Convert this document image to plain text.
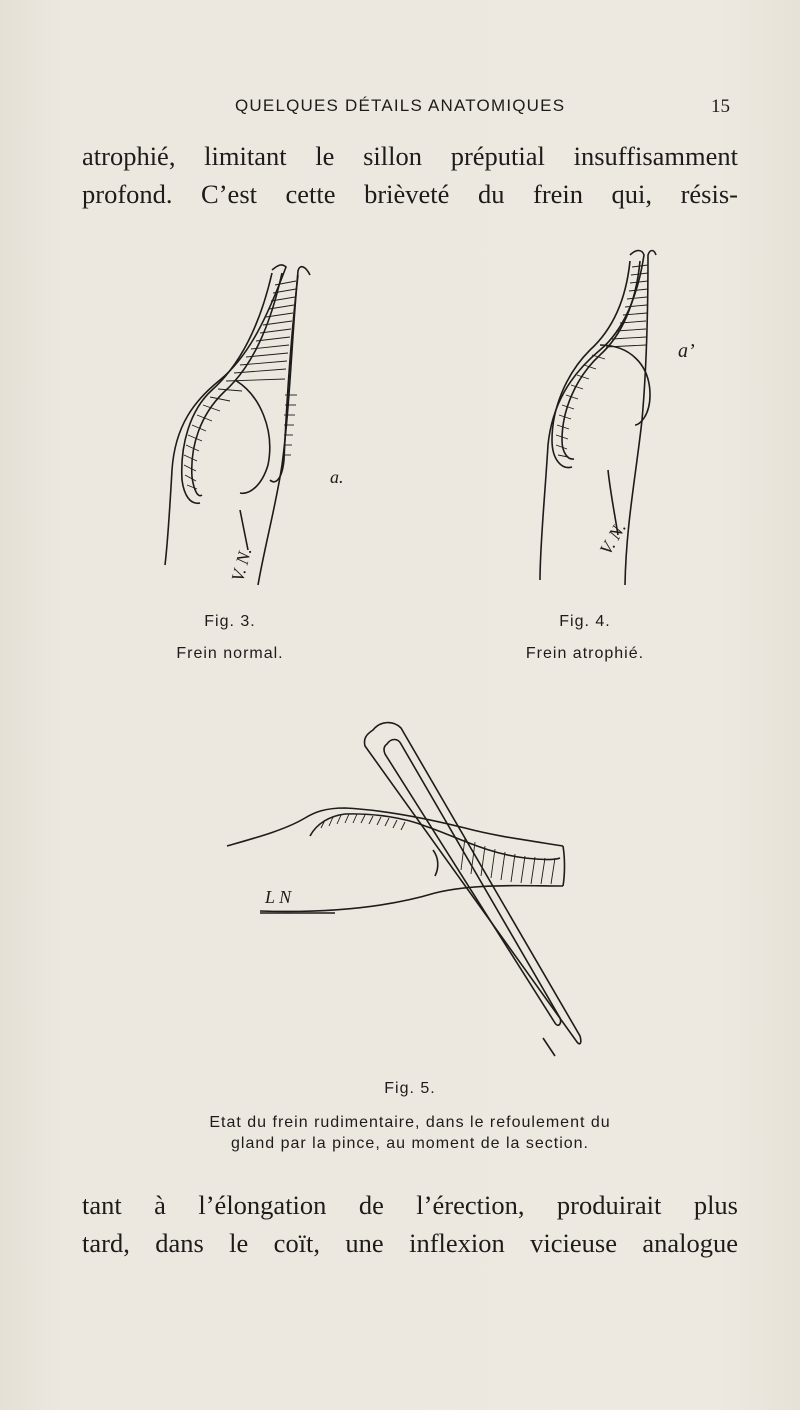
QUELQUES DÉTAILS ANATOMIQUES	15
atrophié, limitant le sillon préputial insuffisamment
profond. C’est cette brièveté du frein qui, résis-
V. N.
a.
Fig. 3.
Frein normal.
V. N.
a’
Fig. 4.
Frein atrophié.
L N
Fig. 5.
Etat du frein rudimentaire, dans le refoulement du
gland par la pince, au moment de la section.
tant à l’élongation de l’érection, produirait plus
tard, dans le coït, une inflexion vicieuse analogue
